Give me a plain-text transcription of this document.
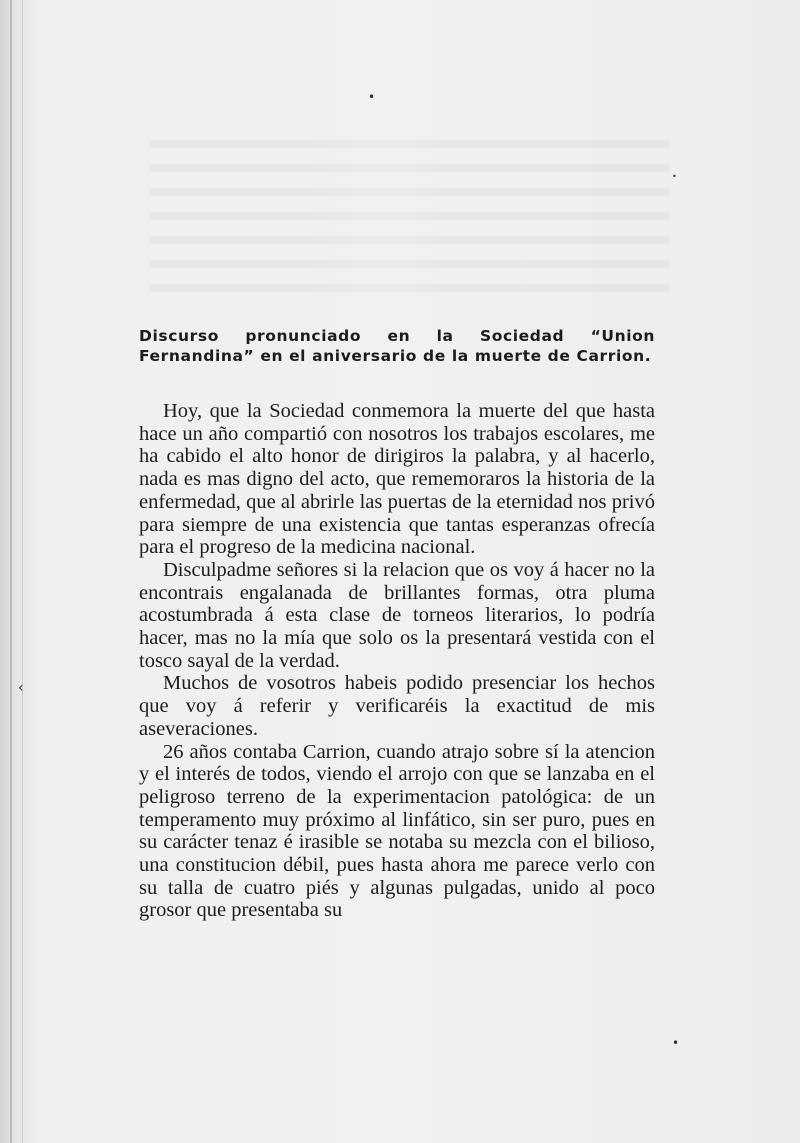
•
•
•
‹
Discurso pronunciado en la Sociedad “Union Fernandina” en el aniversario de la muerte de Carrion.

Hoy, que la Sociedad conmemora la muerte del que hasta hace un año compartió con nosotros los trabajos escolares, me ha cabido el alto honor de dirigiros la palabra, y al hacerlo, nada es mas digno del acto, que rememoraros la historia de la enfermedad, que al abrirle las puertas de la eternidad nos privó para siempre de una existencia que tantas esperanzas ofrecía para el progreso de la medicina nacional.

Disculpadme señores si la relacion que os voy á hacer no la encontrais engalanada de brillantes formas, otra pluma acostumbrada á esta clase de torneos literarios, lo podría hacer, mas no la mía que solo os la presentará vestida con el tosco sayal de la verdad.

Muchos de vosotros habeis podido presenciar los hechos que voy á referir y verificaréis la exactitud de mis aseveraciones.

26 años contaba Carrion, cuando atrajo sobre sí la atencion y el interés de todos, viendo el arrojo con que se lanzaba en el peligroso terreno de la experimentacion patológica: de un temperamento muy próximo al linfático, sin ser puro, pues en su carácter tenaz é irasible se notaba su mezcla con el bilioso, una constitucion débil, pues hasta ahora me parece verlo con su talla de cuatro piés y algunas pulgadas, unido al poco grosor que presentaba su
